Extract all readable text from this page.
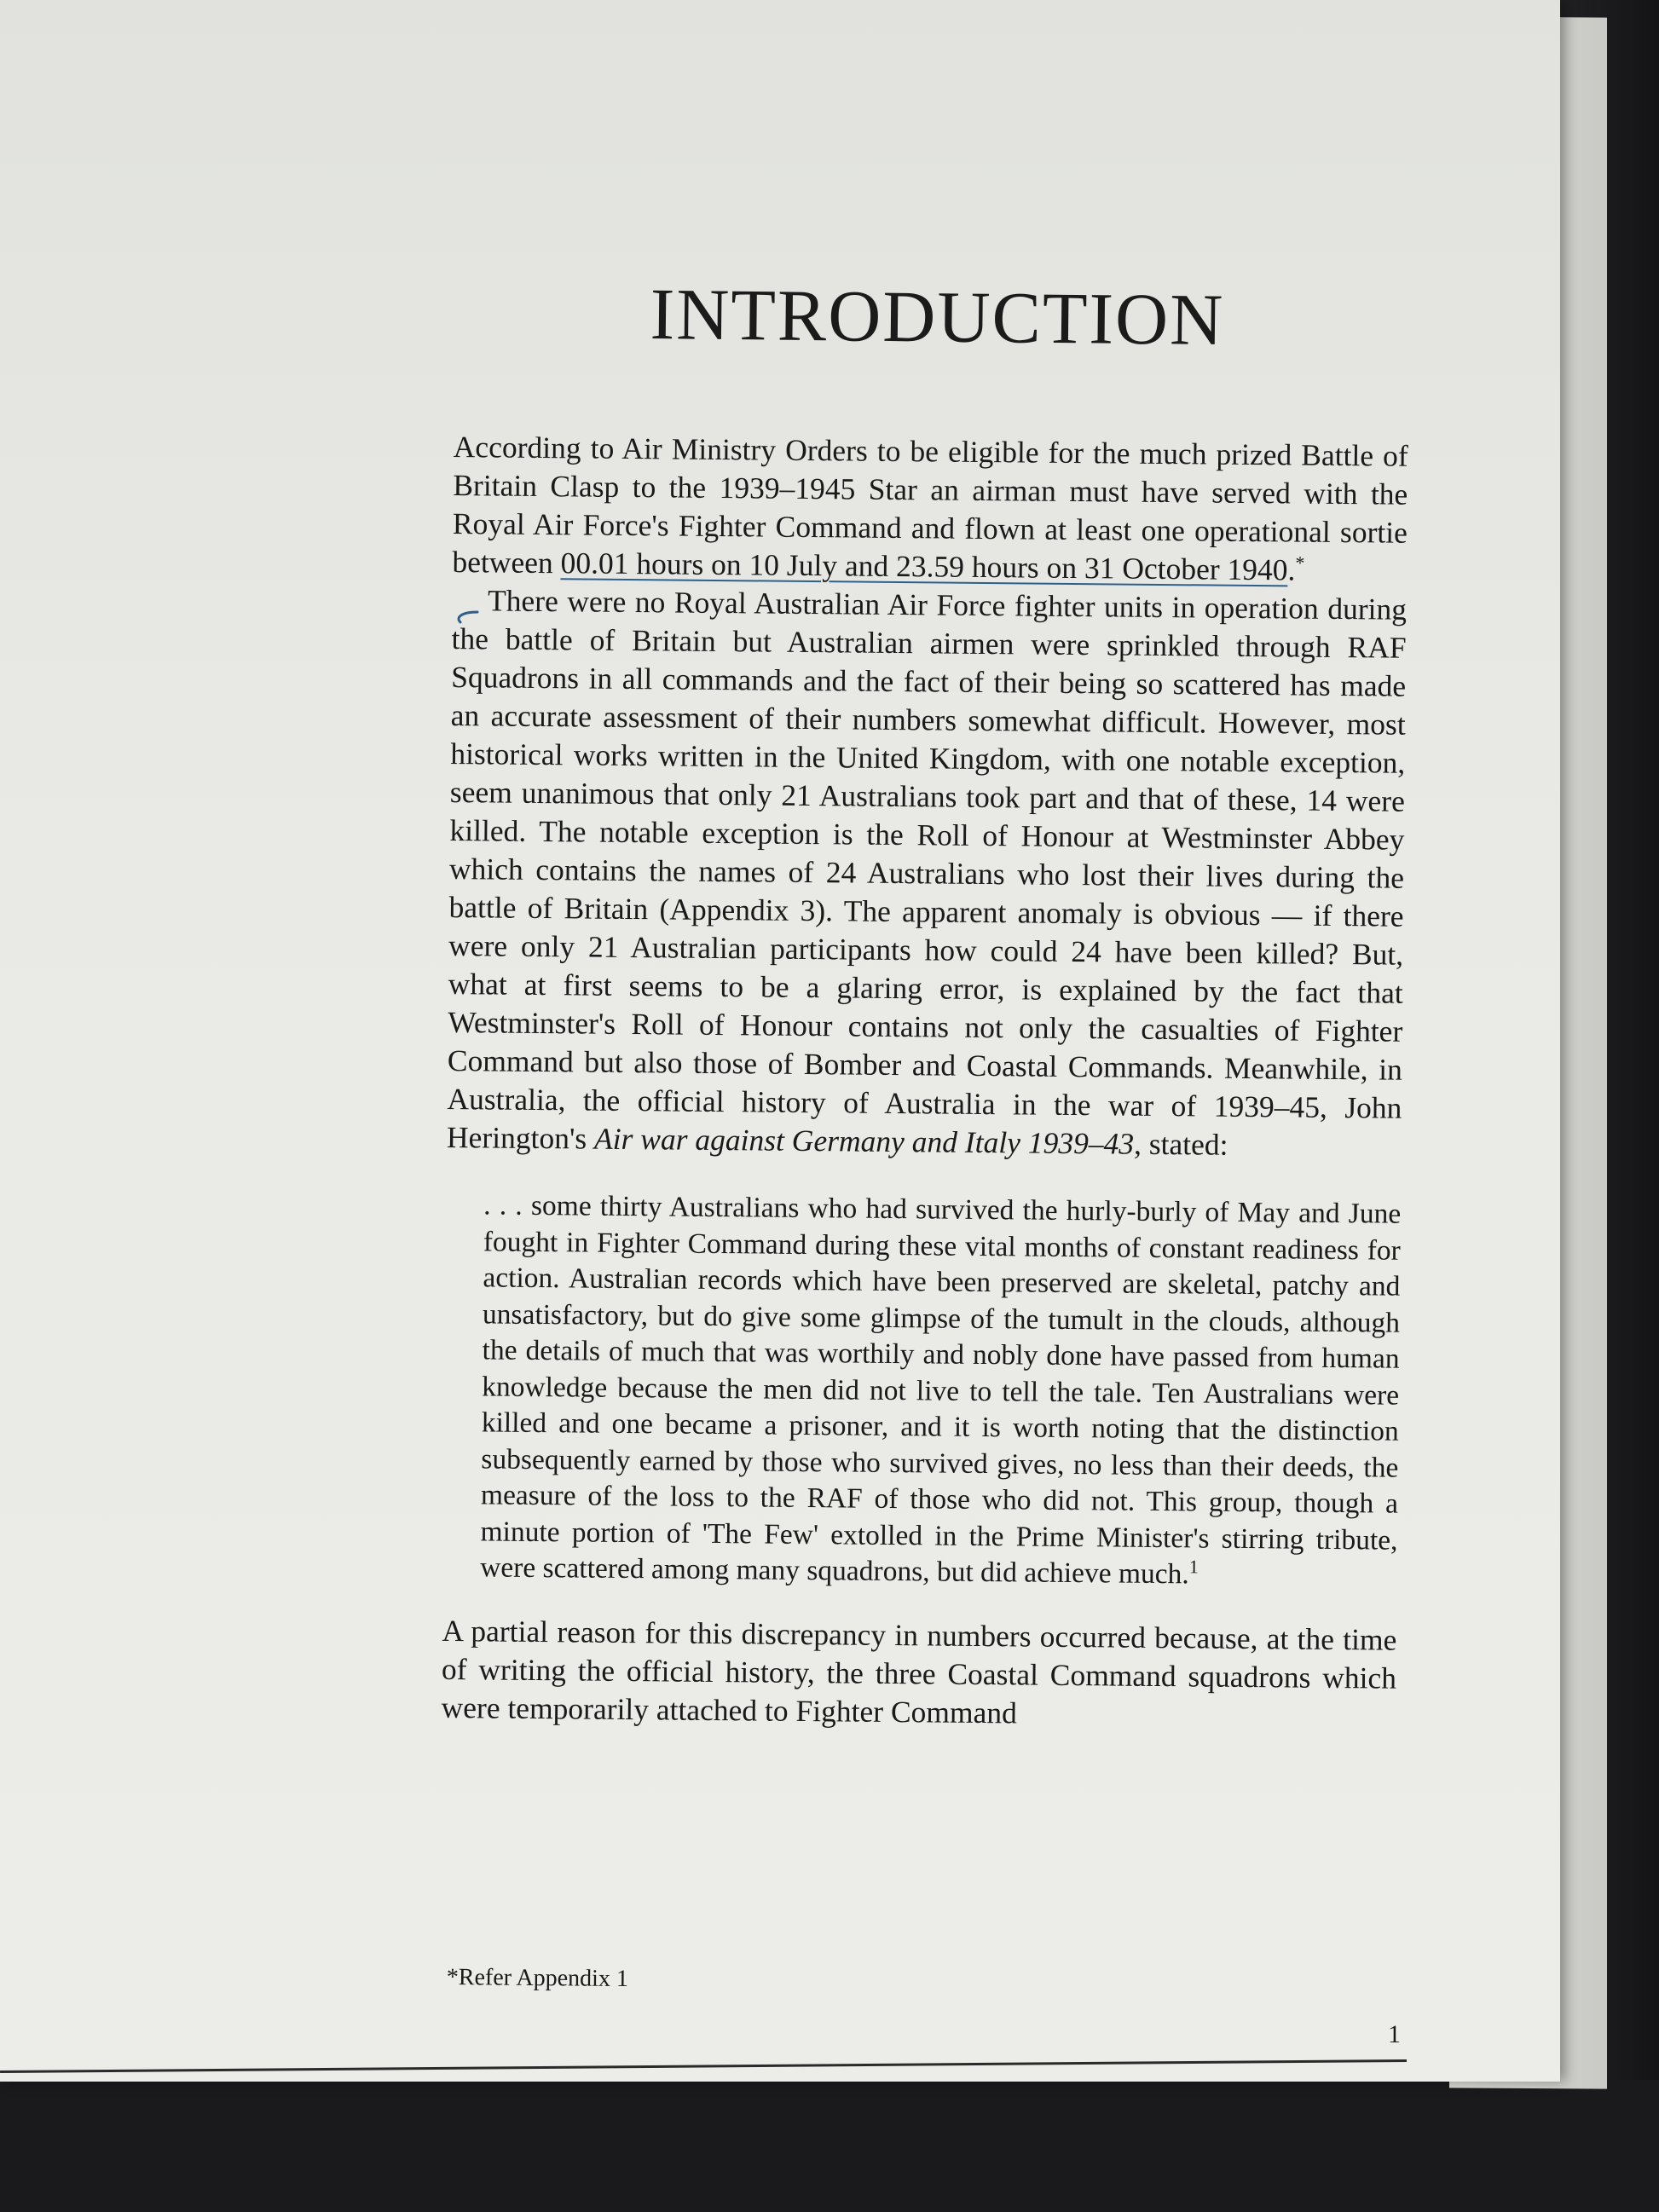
INTRODUCTION

According to Air Ministry Orders to be eligible for the much prized Battle of Britain Clasp to the 1939–1945 Star an airman must have served with the Royal Air Force's Fighter Command and flown at least one operational sortie between 00.01 hours on 10 July and 23.59 hours on 31 October 1940.*

There were no Royal Australian Air Force fighter units in operation during the battle of Britain but Australian airmen were sprinkled through RAF Squadrons in all commands and the fact of their being so scattered has made an accurate assessment of their numbers somewhat difficult. However, most historical works written in the United Kingdom, with one notable exception, seem unanimous that only 21 Australians took part and that of these, 14 were killed. The notable exception is the Roll of Honour at Westminster Abbey which contains the names of 24 Australians who lost their lives during the battle of Britain (Appendix 3). The apparent anomaly is obvious — if there were only 21 Australian participants how could 24 have been killed? But, what at first seems to be a glaring error, is explained by the fact that Westminster's Roll of Honour contains not only the casualties of Fighter Command but also those of Bomber and Coastal Commands. Meanwhile, in Australia, the official history of Australia in the war of 1939–45, John Herington's Air war against Germany and Italy 1939–43, stated:

. . . some thirty Australians who had survived the hurly-burly of May and June fought in Fighter Command during these vital months of constant readiness for action. Australian records which have been preserved are skeletal, patchy and unsatisfactory, but do give some glimpse of the tumult in the clouds, although the details of much that was worthily and nobly done have passed from human knowledge because the men did not live to tell the tale. Ten Australians were killed and one became a prisoner, and it is worth noting that the distinction subsequently earned by those who survived gives, no less than their deeds, the measure of the loss to the RAF of those who did not. This group, though a minute portion of 'The Few' extolled in the Prime Minister's stirring tribute, were scattered among many squadrons, but did achieve much.$^1$

A partial reason for this discrepancy in numbers occurred because, at the time of writing the official history, the three Coastal Command squadrons which were temporarily attached to Fighter Command

*Refer Appendix 1
1
